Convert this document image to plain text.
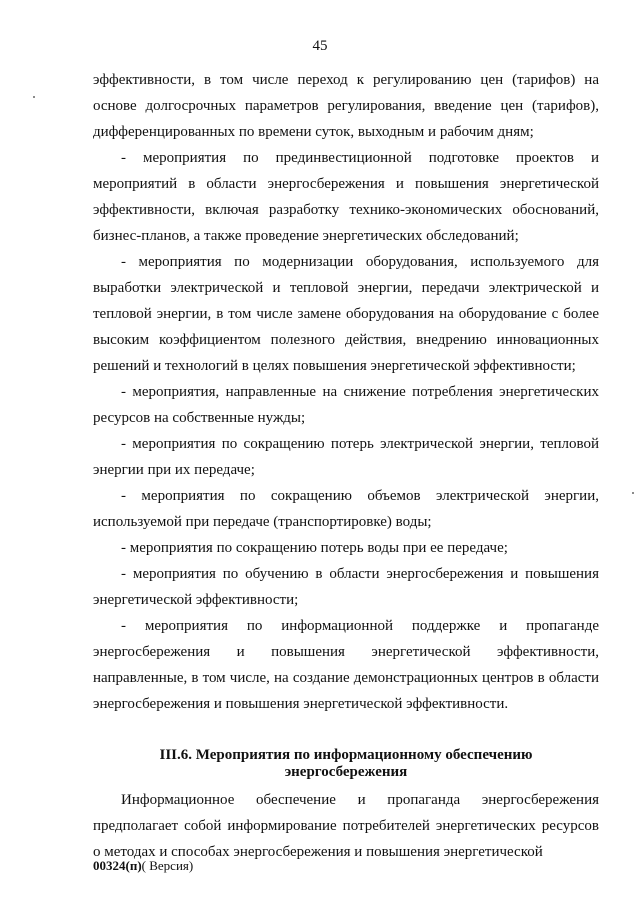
45

эффективности, в том числе переход к регулированию цен (тарифов) на основе долгосрочных параметров регулирования, введение цен (тарифов), дифференцированных по времени суток, выходным и рабочим дням;

- мероприятия по прединвестиционной подготовке проектов и мероприятий в области энергосбережения и повышения энергетической эффективности, включая разработку технико-экономических обоснований, бизнес-планов, а также проведение энергетических обследований;

- мероприятия по модернизации оборудования, используемого для выработки электрической и тепловой энергии, передачи электрической и тепловой энергии, в том числе замене оборудования на оборудование с более высоким коэффициентом полезного действия, внедрению инновационных решений и технологий в целях повышения энергетической эффективности;

- мероприятия, направленные на снижение потребления энергетических ресурсов на собственные нужды;

- мероприятия по сокращению потерь электрической энергии, тепловой энергии при их передаче;

- мероприятия по сокращению объемов электрической энергии, используемой при передаче (транспортировке) воды;

- мероприятия по сокращению потерь воды при ее передаче;

- мероприятия по обучению в области энергосбережения и повышения энергетической эффективности;

- мероприятия по информационной поддержке и пропаганде энергосбережения и повышения энергетической эффективности, направленные, в том числе, на создание демонстрационных центров в области энергосбережения и повышения энергетической эффективности.

III.6. Мероприятия по информационному обеспечению энергосбережения

Информационное обеспечение и пропаганда энергосбережения предполагает собой информирование потребителей энергетических ресурсов о методах и способах энергосбережения и повышения энергетической

00324(п)( Версия)
